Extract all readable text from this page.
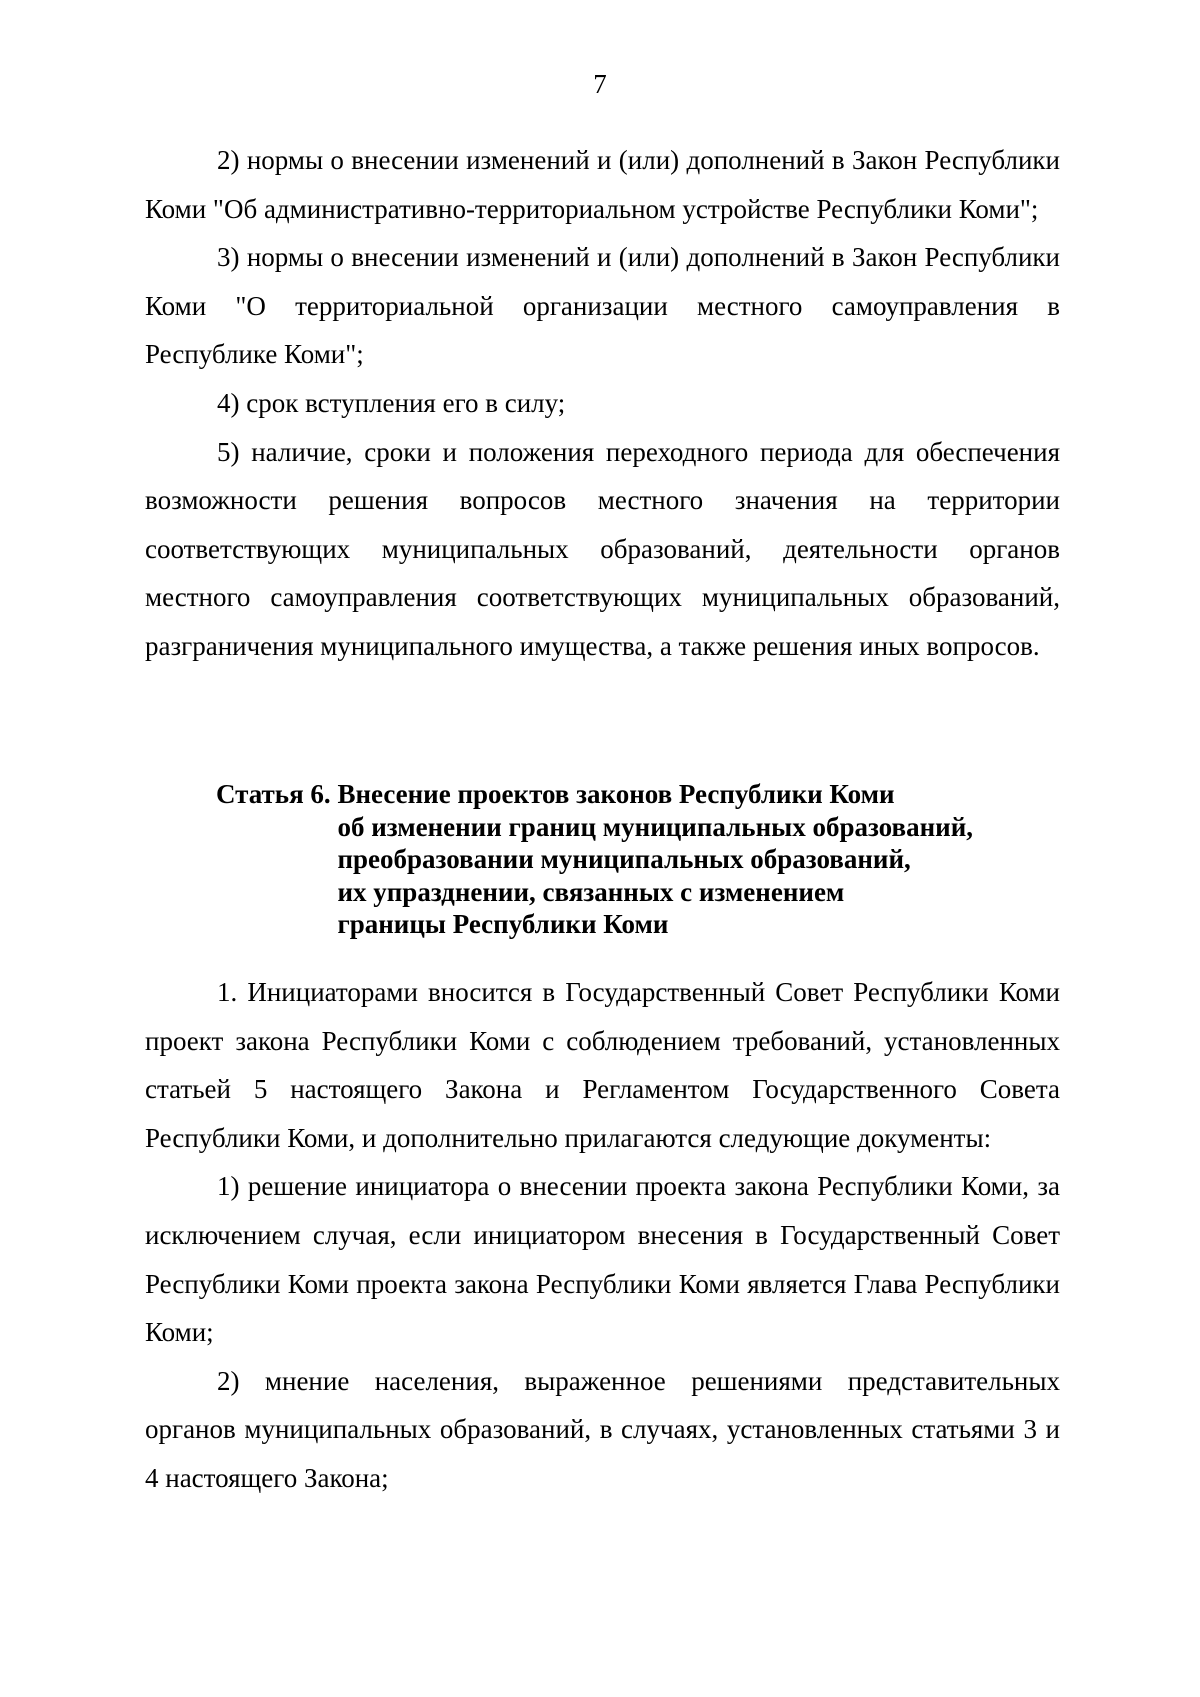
7

2) нормы о внесении изменений и (или) дополнений в Закон Республики Коми "Об административно-территориальном устройстве Республики Коми";

3) нормы о внесении изменений и (или) дополнений в Закон Республики Коми "О территориальной организации местного самоуправления в Республике Коми";

4) срок вступления его в силу;

5) наличие, сроки и положения переходного периода для обеспечения возможности решения вопросов местного значения на территории соответствующих муниципальных образований, деятельности органов местного самоуправления соответствующих муниципальных образований, разграничения муниципального имущества, а также решения иных вопросов.

Статья 6. Внесение проектов законов Республики Коми
об изменении границ муниципальных образований,
преобразовании муниципальных образований,
их упразднении, связанных с изменением
границы Республики Коми

1. Инициаторами вносится в Государственный Совет Республики Коми проект закона Республики Коми с соблюдением требований, установленных статьей 5 настоящего Закона и Регламентом Государственного Совета Республики Коми, и дополнительно прилагаются следующие документы:

1) решение инициатора о внесении проекта закона Республики Коми, за исключением случая, если инициатором внесения в Государственный Совет Республики Коми проекта закона Республики Коми является Глава Республики Коми;

2) мнение населения, выраженное решениями представительных органов муниципальных образований, в случаях, установленных статьями 3 и 4 настоящего Закона;
